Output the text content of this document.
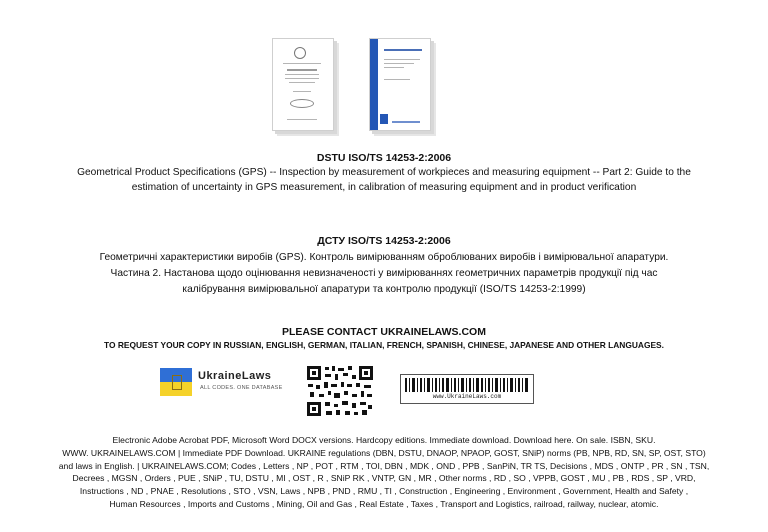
DSTU ISO/TS 14253-2:2006
Geometrical Product Specifications (GPS) -- Inspection by measurement of workpieces and measuring equipment -- Part 2: Guide to the estimation of uncertainty in GPS measurement, in calibration of measuring equipment and in product verification
ДСТУ ISO/TS 14253-2:2006
Геометричні характеристики виробів (GPS). Контроль вимірюванням оброблюваних виробів і вимірювальної апаратури. Частина 2. Настанова щодо оцінювання невизначеності у вимірюваннях геометричних параметрів продукції під час калібрування вимірювальної апаратури та контролю продукції (ISO/TS 14253-2:1999)
PLEASE CONTACT UKRAINELAWS.COM
TO REQUEST YOUR COPY IN RUSSIAN, ENGLISH, GERMAN, ITALIAN, FRENCH, SPANISH, CHINESE, JAPANESE AND OTHER LANGUAGES.
UkraineLaws
ALL CODES. ONE DATABASE
www.UkraineLaws.com
Electronic Adobe Acrobat PDF, Microsoft Word DOCX versions. Hardcopy editions. Immediate download. Download here. On sale. ISBN, SKU.
WWW. UKRAINELAWS.COM | Immediate PDF Download. UKRAINE regulations (DBN, DSTU, DNAOP, NPAOP, GOST, SNiP) norms (PB, NPB, RD, SN, SP, OST, STO)
and laws in English. | UKRAINELAWS.COM; Codes , Letters , NP , POT , RTM , TOI, DBN , MDK , OND , PPB , SanPiN, TR TS, Decisions , MDS , ONTP , PR , SN , TSN,
Decrees , MGSN , Orders , PUE , SNiP , TU, DSTU , MI , OST , R , SNiP RK , VNTP, GN , MR , Other norms , RD , SO , VPPB, GOST , MU , PB , RDS , SP , VRD,
Instructions , ND , PNAE , Resolutions , STO , VSN, Laws , NPB , PND , RMU , TI , Construction , Engineering , Environment , Government, Health and Safety ,
Human Resources , Imports and Customs , Mining, Oil and Gas , Real Estate , Taxes , Transport and Logistics, railroad, railway, nuclear, atomic.
